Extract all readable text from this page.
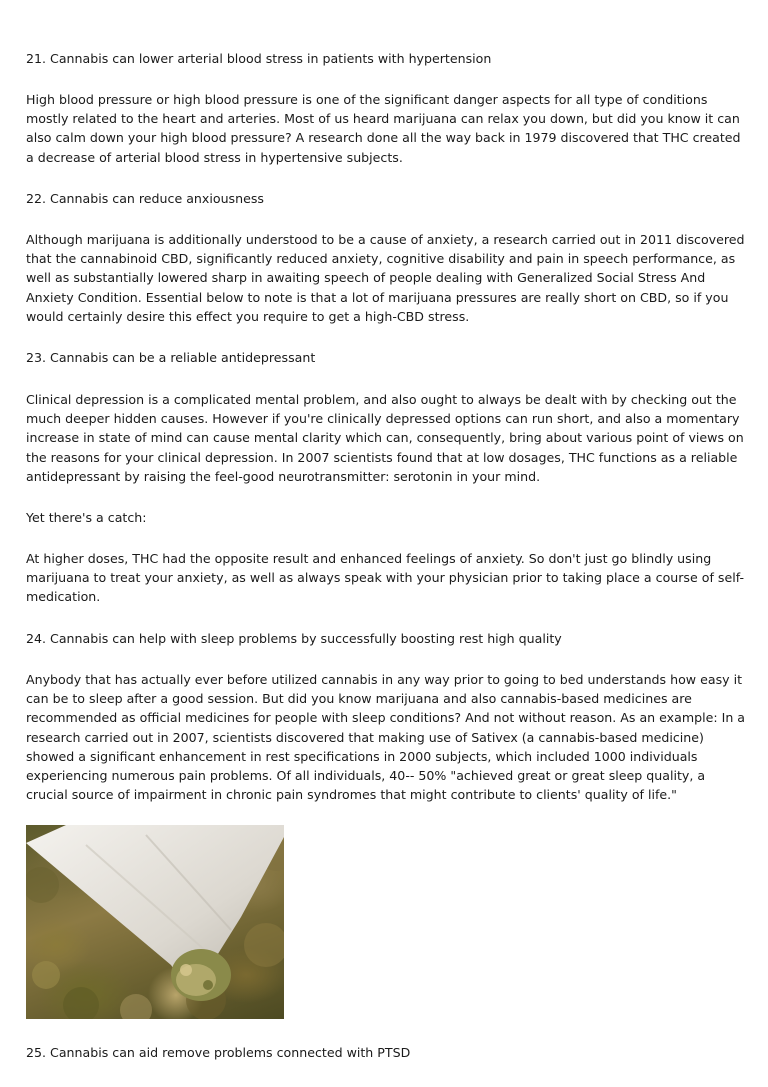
21. Cannabis can lower arterial blood stress in patients with hypertension

High blood pressure or high blood pressure is one of the significant danger aspects for all type of conditions mostly related to the heart and arteries. Most of us heard marijuana can relax you down, but did you know it can also calm down your high blood pressure? A research done all the way back in 1979 discovered that THC created a decrease of arterial blood stress in hypertensive subjects.

22. Cannabis can reduce anxiousness

Although marijuana is additionally understood to be a cause of anxiety, a research carried out in 2011 discovered that the cannabinoid CBD, significantly reduced anxiety, cognitive disability and pain in speech performance, as well as substantially lowered sharp in awaiting speech of people dealing with Generalized Social Stress And Anxiety Condition. Essential below to note is that a lot of marijuana pressures are really short on CBD, so if you would certainly desire this effect you require to get a high-CBD stress.

23. Cannabis can be a reliable antidepressant

Clinical depression is a complicated mental problem, and also ought to always be dealt with by checking out the much deeper hidden causes. However if you're clinically depressed options can run short, and also a momentary increase in state of mind can cause mental clarity which can, consequently, bring about various point of views on the reasons for your clinical depression. In 2007 scientists found that at low dosages, THC functions as a reliable antidepressant by raising the feel-good neurotransmitter: serotonin in your mind.

Yet there's a catch:

At higher doses, THC had the opposite result and enhanced feelings of anxiety. So don't just go blindly using marijuana to treat your anxiety, as well as always speak with your physician prior to taking place a course of self-medication.

24. Cannabis can help with sleep problems by successfully boosting rest high quality

Anybody that has actually ever before utilized cannabis in any way prior to going to bed understands how easy it can be to sleep after a good session. But did you know marijuana and also cannabis-based medicines are recommended as official medicines for people with sleep conditions? And not without reason. As an example: In a research carried out in 2007, scientists discovered that making use of Sativex (a cannabis-based medicine) showed a significant enhancement in rest specifications in 2000 subjects, which included 1000 individuals experiencing numerous pain problems. Of all individuals, 40-- 50% "achieved great or great sleep quality, a crucial source of impairment in chronic pain syndromes that might contribute to clients' quality of life."

25. Cannabis can aid remove problems connected with PTSD
